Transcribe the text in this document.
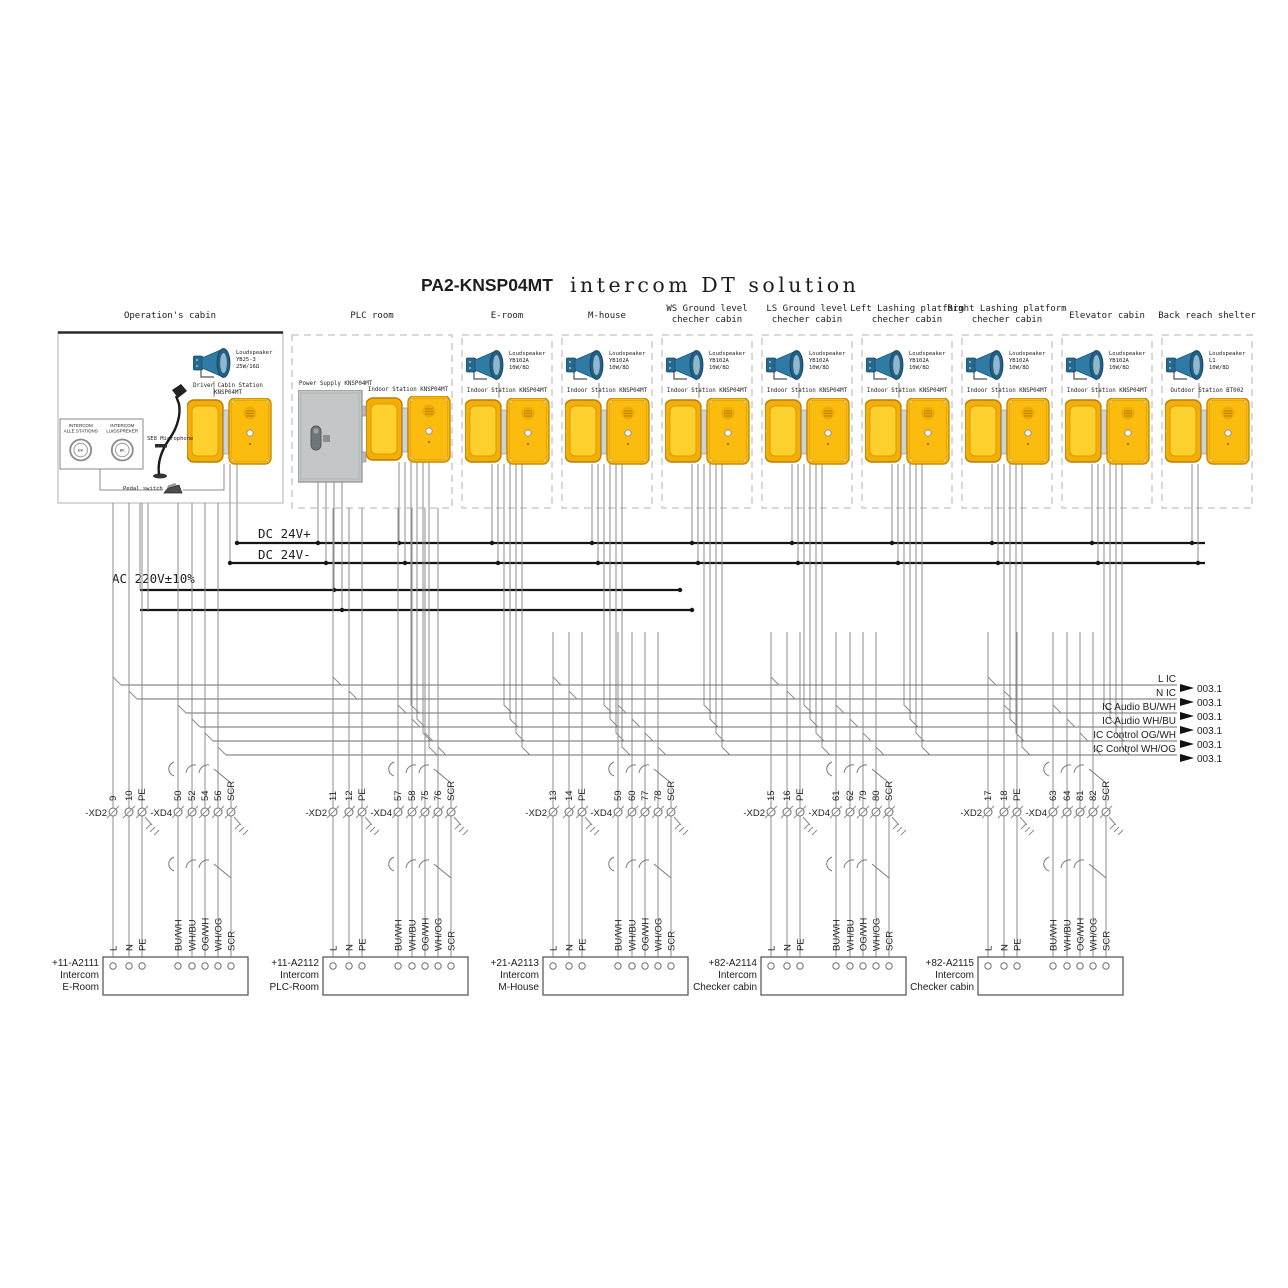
PA2-KNSP04MT intercom DT solution
DC 24V+
DC 24V-
AC 220V±10%
Operation's cabin
Loudspeaker
YB25-3
25W/16Ω
Driver Cabin Station
KNSP04MT
INTERCOM
ALLE STATIONS
INTERCOM
LUIDSPREKER
BK	BK
SE8 Microphone
Pedal switch
PLC room
Power Supply KNSP04MT
Indoor Station KNSP04MT
E-room
Loudspeaker
YB102A
10W/8Ω
Indoor Station KNSP04MT
M-house
Loudspeaker
YB102A
10W/8Ω
Indoor Station KNSP04MT
WS Ground level
checher cabin
Loudspeaker
YB102A
10W/8Ω
Indoor Station KNSP04MT
LS Ground level
checher cabin
Loudspeaker
YB102A
10W/8Ω
Indoor Station KNSP04MT
Left Lashing platform
checher cabin
Loudspeaker
YB102A
10W/8Ω
Indoor Station KNSP04MT
Right Lashing platform
checher cabin
Loudspeaker
YB102A
10W/8Ω
Indoor Station KNSP04MT
Elevator cabin
Loudspeaker
YB102A
10W/8Ω
Indoor Station KNSP04MT
Back reach shelter
Loudspeaker
L1
10W/8Ω
Outdoor Station BT002
L IC
003.1
N IC
003.1
IC Audio BU/WH
003.1
IC Audio WH/BU
003.1
IC Control OG/WH
003.1
IC Control WH/OG
003.1
-XD2	-XD4
9 10 PE	50 52 54 56 SCR
+11-A2111
Intercom
E-Room
L N PE	BU/WH WH/BU OG/WH WH/OG SCR
-XD2	-XD4
11 12 PE	57 58 75 76 SCR
+11-A2112
Intercom
PLC-Room
L N PE	BU/WH WH/BU OG/WH WH/OG SCR
-XD2	-XD4
13 14 PE	59 60 77 78 SCR
+21-A2113
Intercom
M-House
L N PE	BU/WH WH/BU OG/WH WH/OG SCR
-XD2	-XD4
15 16 PE	61 62 79 80 SCR
+82-A2114
Intercom
Checker cabin
L N PE	BU/WH WH/BU OG/WH WH/OG SCR
-XD2	-XD4
17 18 PE	63 64 81 82 SCR
+82-A2115
Intercom
Checker cabin
L N PE	BU/WH WH/BU OG/WH WH/OG SCR
